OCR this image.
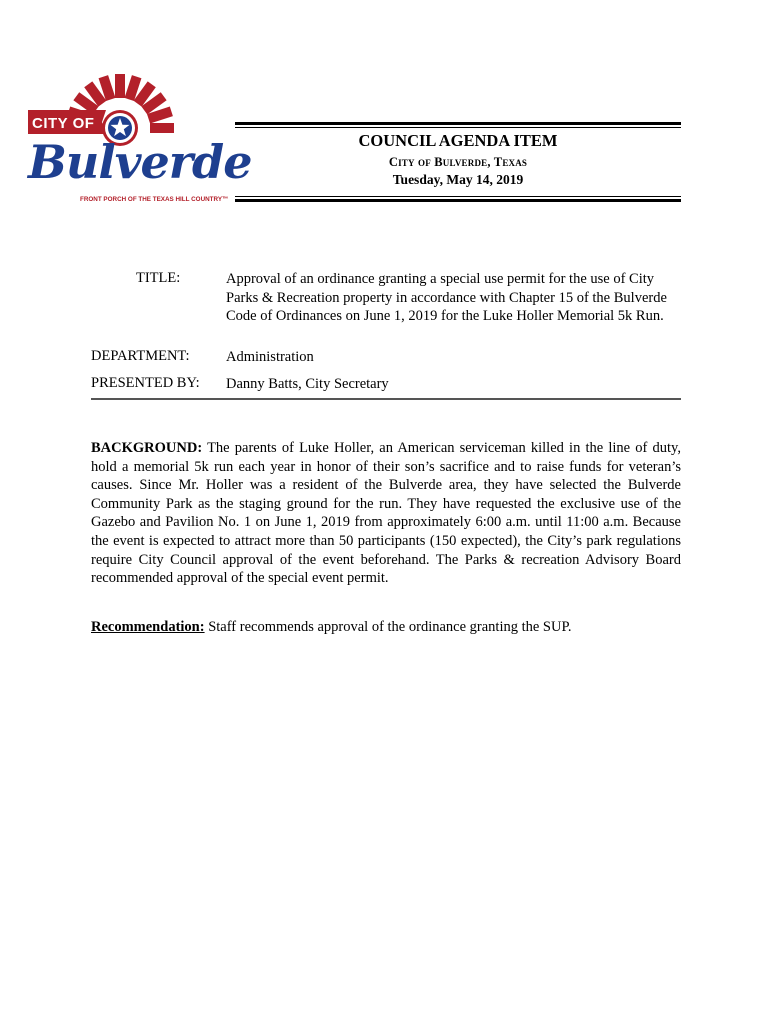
CITY OF
Bulverde
FRONT PORCH OF THE TEXAS HILL COUNTRY™
COUNCIL AGENDA ITEM
City of Bulverde, Texas
Tuesday, May 14, 2019
TITLE:	Approval of an ordinance granting a special use permit for the use of City Parks & Recreation property in accordance with Chapter 15 of the Bulverde Code of Ordinances on June 1, 2019 for the Luke Holler Memorial 5k Run.
DEPARTMENT:	Administration
PRESENTED BY: Danny Batts, City Secretary
BACKGROUND: The parents of Luke Holler, an American serviceman killed in the line of duty, hold a memorial 5k run each year in honor of their son’s sacrifice and to raise funds for veteran’s causes. Since Mr. Holler was a resident of the Bulverde area, they have selected the Bulverde Community Park as the staging ground for the run. They have requested the exclusive use of the Gazebo and Pavilion No. 1 on June 1, 2019 from approximately 6:00 a.m. until 11:00 a.m. Because the event is expected to attract more than 50 participants (150 expected), the City’s park regulations require City Council approval of the event beforehand. The Parks & recreation Advisory Board recommended approval of the special event permit.
Recommendation: Staff recommends approval of the ordinance granting the SUP.
